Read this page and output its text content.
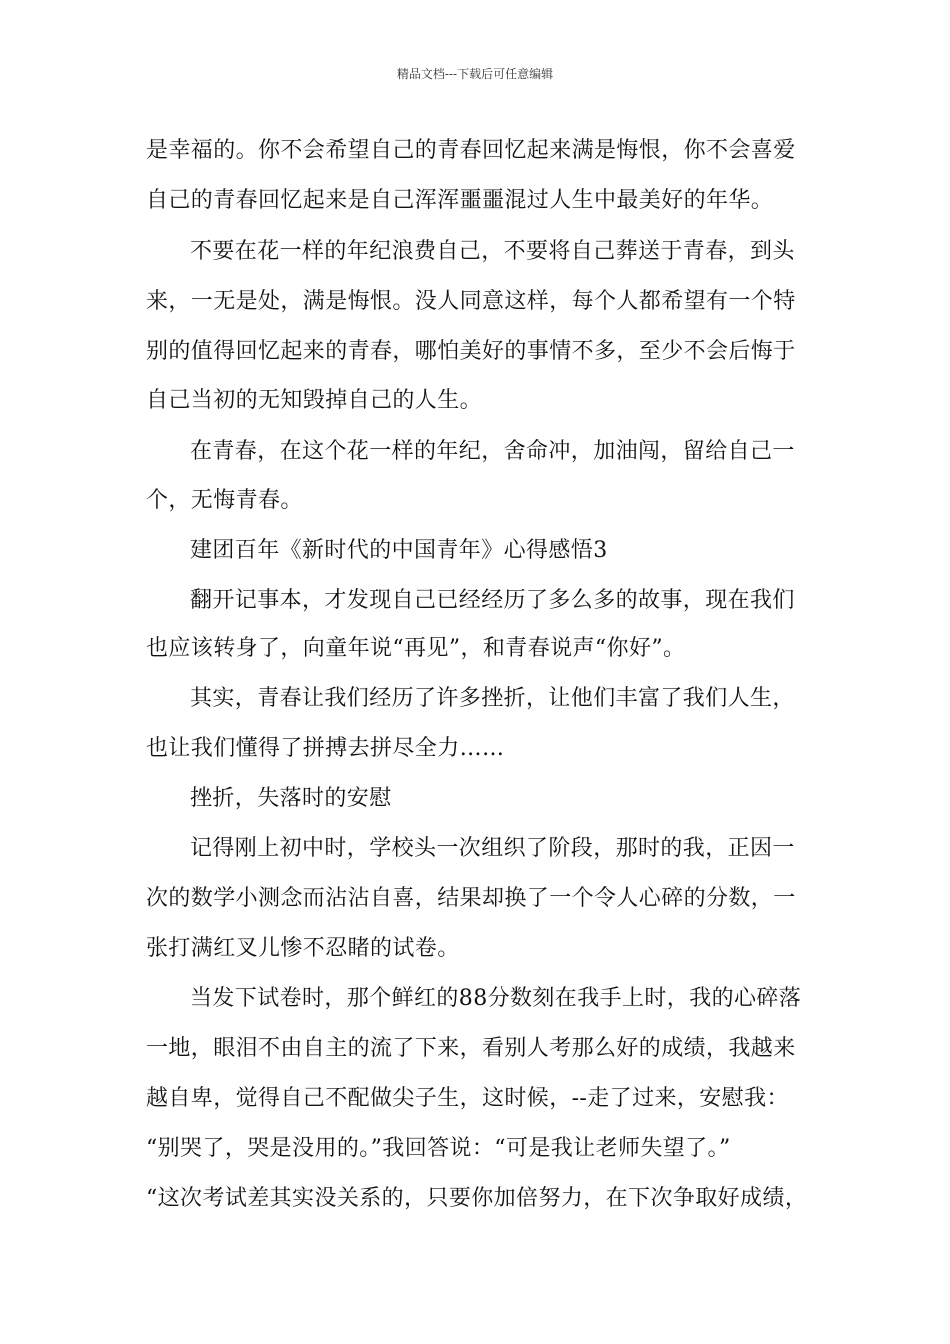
精品文档---下载后可任意编辑
是幸福的。你不会希望自己的青春回忆起来满是悔恨，你不会喜爱
自己的青春回忆起来是自己浑浑噩噩混过人生中最美好的年华。
不要在花一样的年纪浪费自己，不要将自己葬送于青春，到头
来，一无是处，满是悔恨。没人同意这样，每个人都希望有一个特
别的值得回忆起来的青春，哪怕美好的事情不多，至少不会后悔于
自己当初的无知毁掉自己的人生。
在青春，在这个花一样的年纪，舍命冲，加油闯，留给自己一
个，无悔青春。
建团百年《新时代的中国青年》心得感悟3
翻开记事本，才发现自己已经经历了多么多的故事，现在我们
也应该转身了，向童年说“再见”，和青春说声“你好”。
其实，青春让我们经历了许多挫折，让他们丰富了我们人生，
也让我们懂得了拼搏去拼尽全力……
挫折，失落时的安慰
记得刚上初中时，学校头一次组织了阶段，那时的我，正因一
次的数学小测念而沾沾自喜，结果却换了一个令人心碎的分数，一
张打满红叉儿惨不忍睹的试卷。
当发下试卷时，那个鲜红的88分数刻在我手上时，我的心碎落
一地，眼泪不由自主的流了下来，看别人考那么好的成绩，我越来
越自卑，觉得自己不配做尖子生，这时候，--走了过来，安慰我：
“别哭了，哭是没用的。”我回答说：“可是我让老师失望了。”
“这次考试差其实没关系的，只要你加倍努力，在下次争取好成绩，
